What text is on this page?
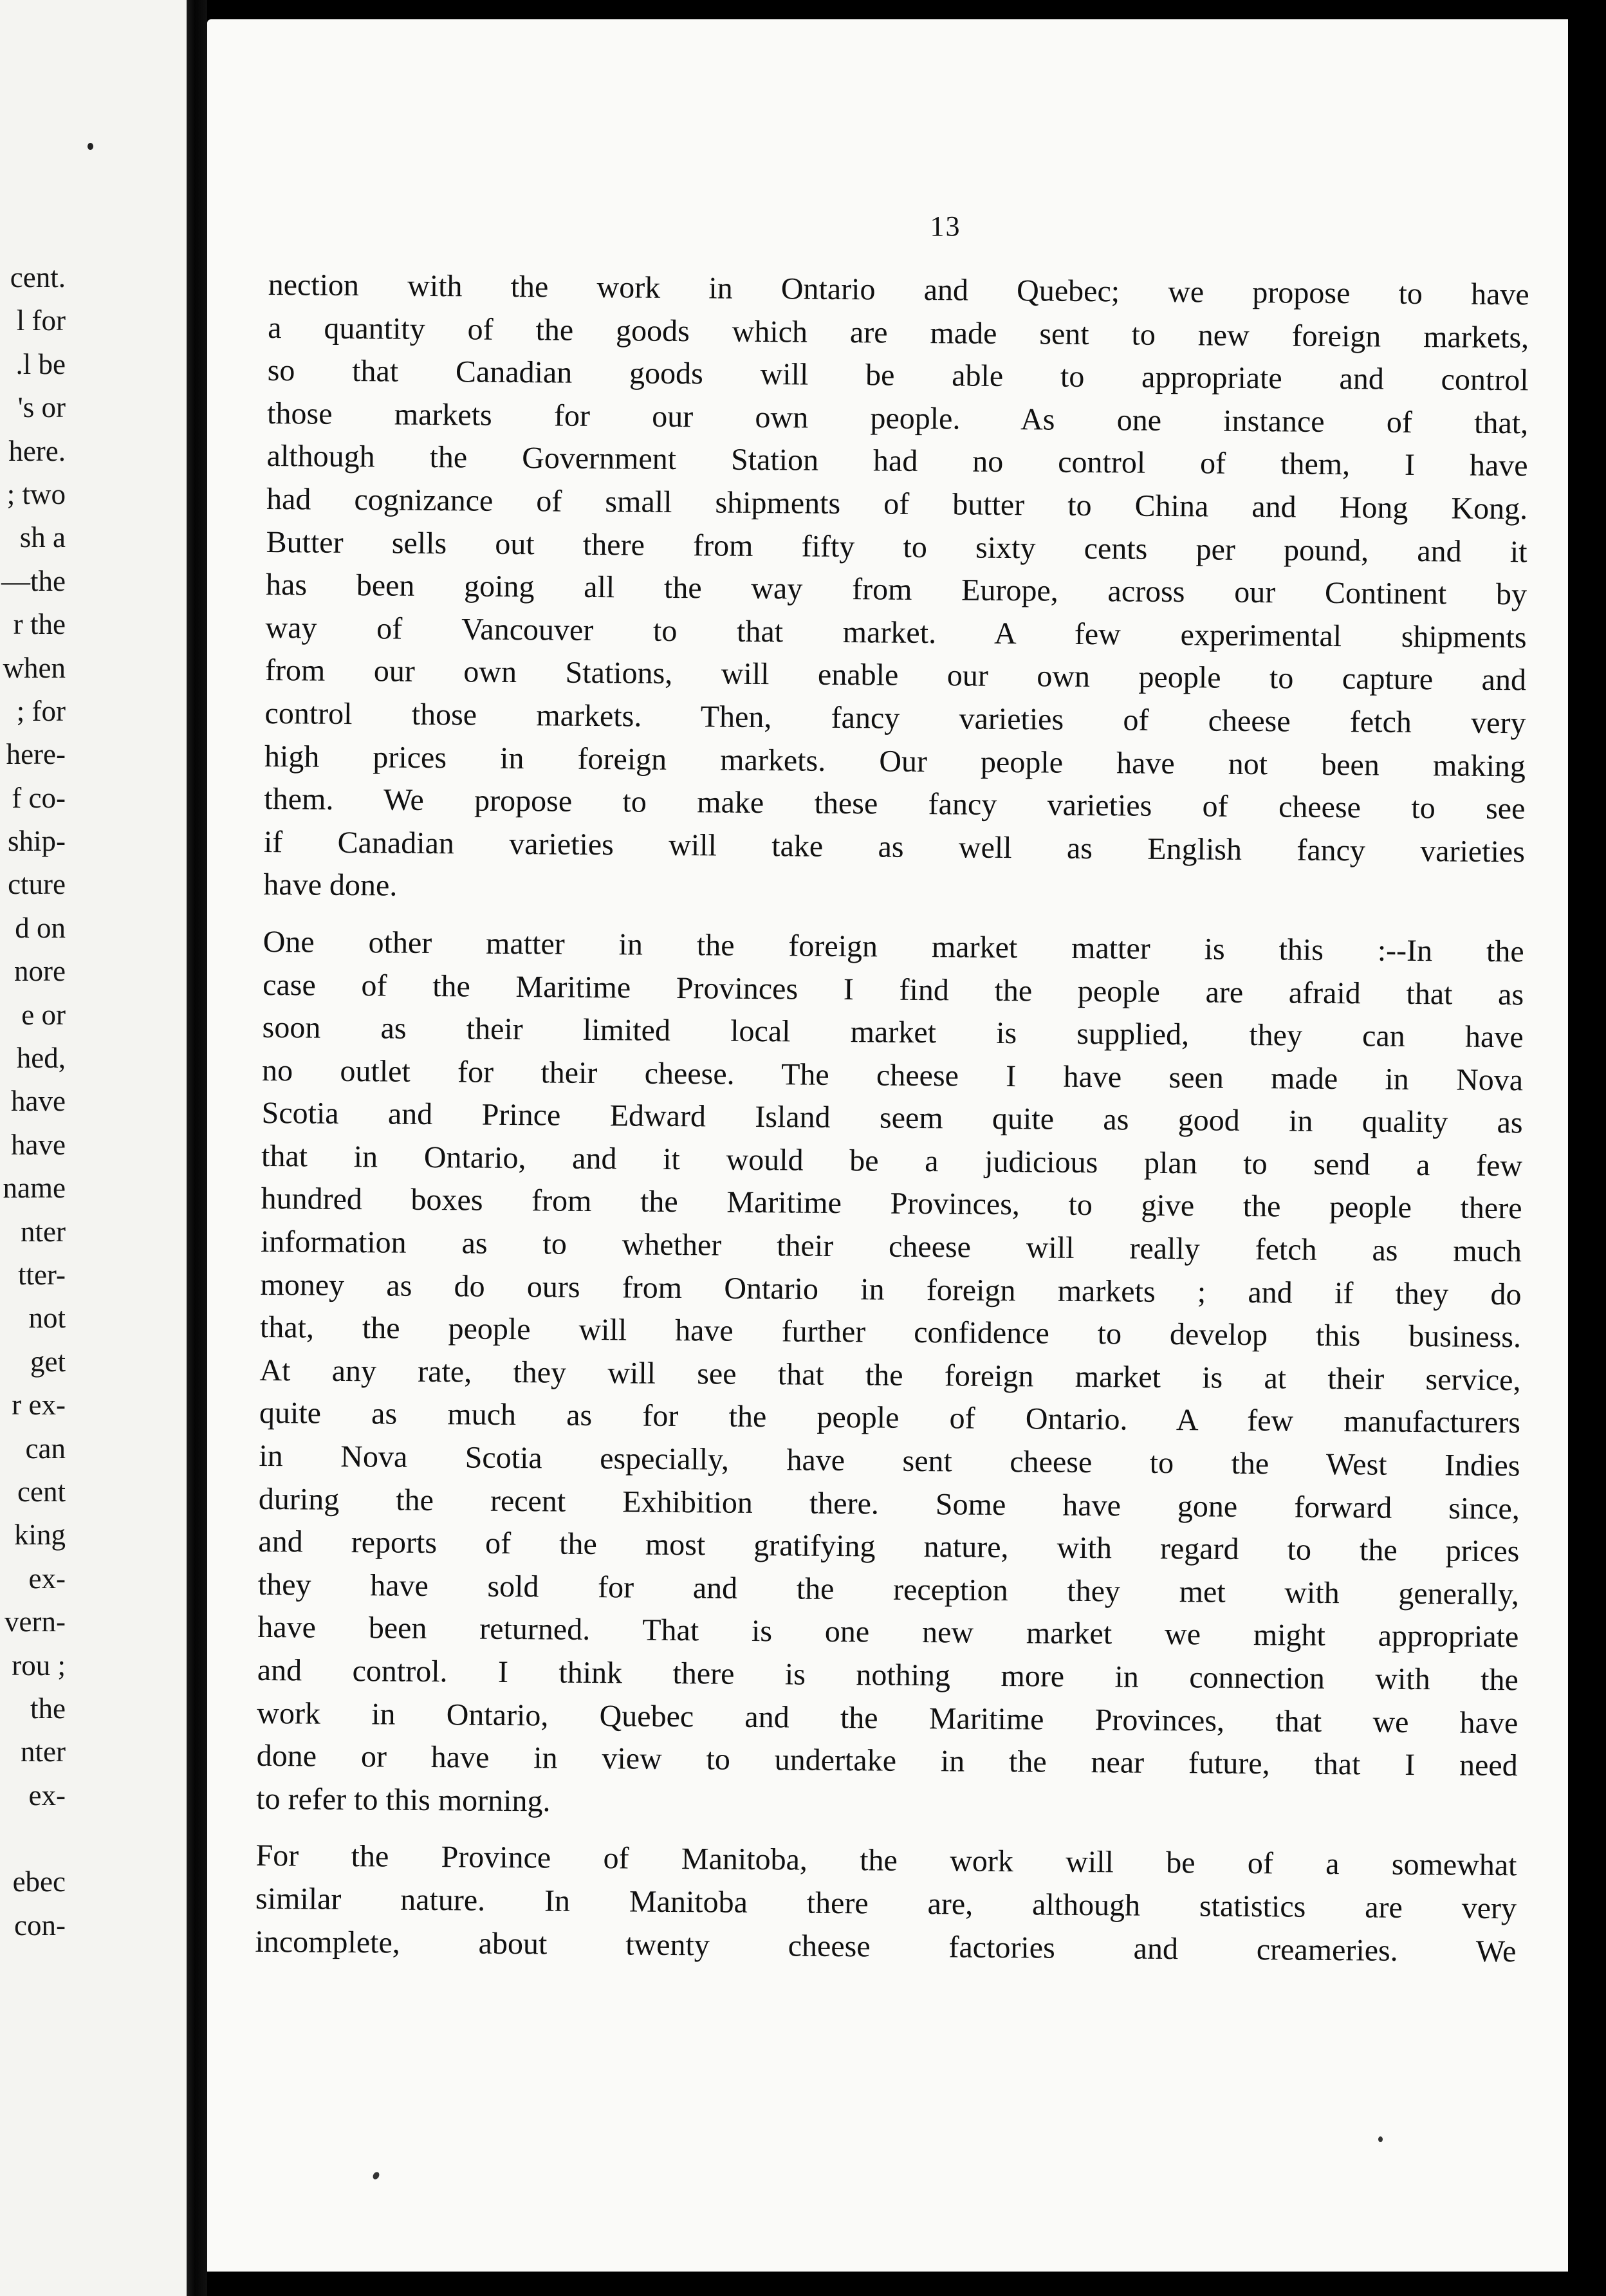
cent.
l for
.l be
's or
here.
; two
sh a
—the
r the
when
; for
here-
f co-
ship-
cture
d on
nore
e or
hed,
have
have
name
nter
tter-
not
get
r ex-
can
cent
king
ex-
vern-
rou ;
the
nter
ex-
ebec
con-
13
nection with the work in Ontario and Quebec; we propose to have
a quantity of the goods which are made sent to new foreign markets,
so that Canadian goods will be able to appropriate and control
those markets for our own people. As one instance of that,
although the Government Station had no control of them, I have
had cognizance of small shipments of butter to China and Hong Kong.
Butter sells out there from fifty to sixty cents per pound, and it
has been going all the way from Europe, across our Continent by
way of Vancouver to that market. A few experimental shipments
from our own Stations, will enable our own people to capture and
control those markets. Then, fancy varieties of cheese fetch very
high prices in foreign markets. Our people have not been making
them. We propose to make these fancy varieties of cheese to see
if Canadian varieties will take as well as English fancy varieties
have done.
One other matter in the foreign market matter is this :--In the
case of the Maritime Provinces I find the people are afraid that as
soon as their limited local market is supplied, they can have
no outlet for their cheese. The cheese I have seen made in Nova
Scotia and Prince Edward Island seem quite as good in quality as
that in Ontario, and it would be a judicious plan to send a few
hundred boxes from the Maritime Provinces, to give the people there
information as to whether their cheese will really fetch as much
money as do ours from Ontario in foreign markets ; and if they do
that, the people will have further confidence to develop this business.
At any rate, they will see that the foreign market is at their service,
quite as much as for the people of Ontario. A few manufacturers
in Nova Scotia especially, have sent cheese to the West Indies
during the recent Exhibition there. Some have gone forward since,
and reports of the most gratifying nature, with regard to the prices
they have sold for and the reception they met with generally,
have been returned. That is one new market we might appropriate
and control. I think there is nothing more in connection with the
work in Ontario, Quebec and the Maritime Provinces, that we have
done or have in view to undertake in the near future, that I need
to refer to this morning.
For the Province of Manitoba, the work will be of a somewhat
similar nature. In Manitoba there are, although statistics are very
incomplete, about twenty cheese factories and creameries. We
